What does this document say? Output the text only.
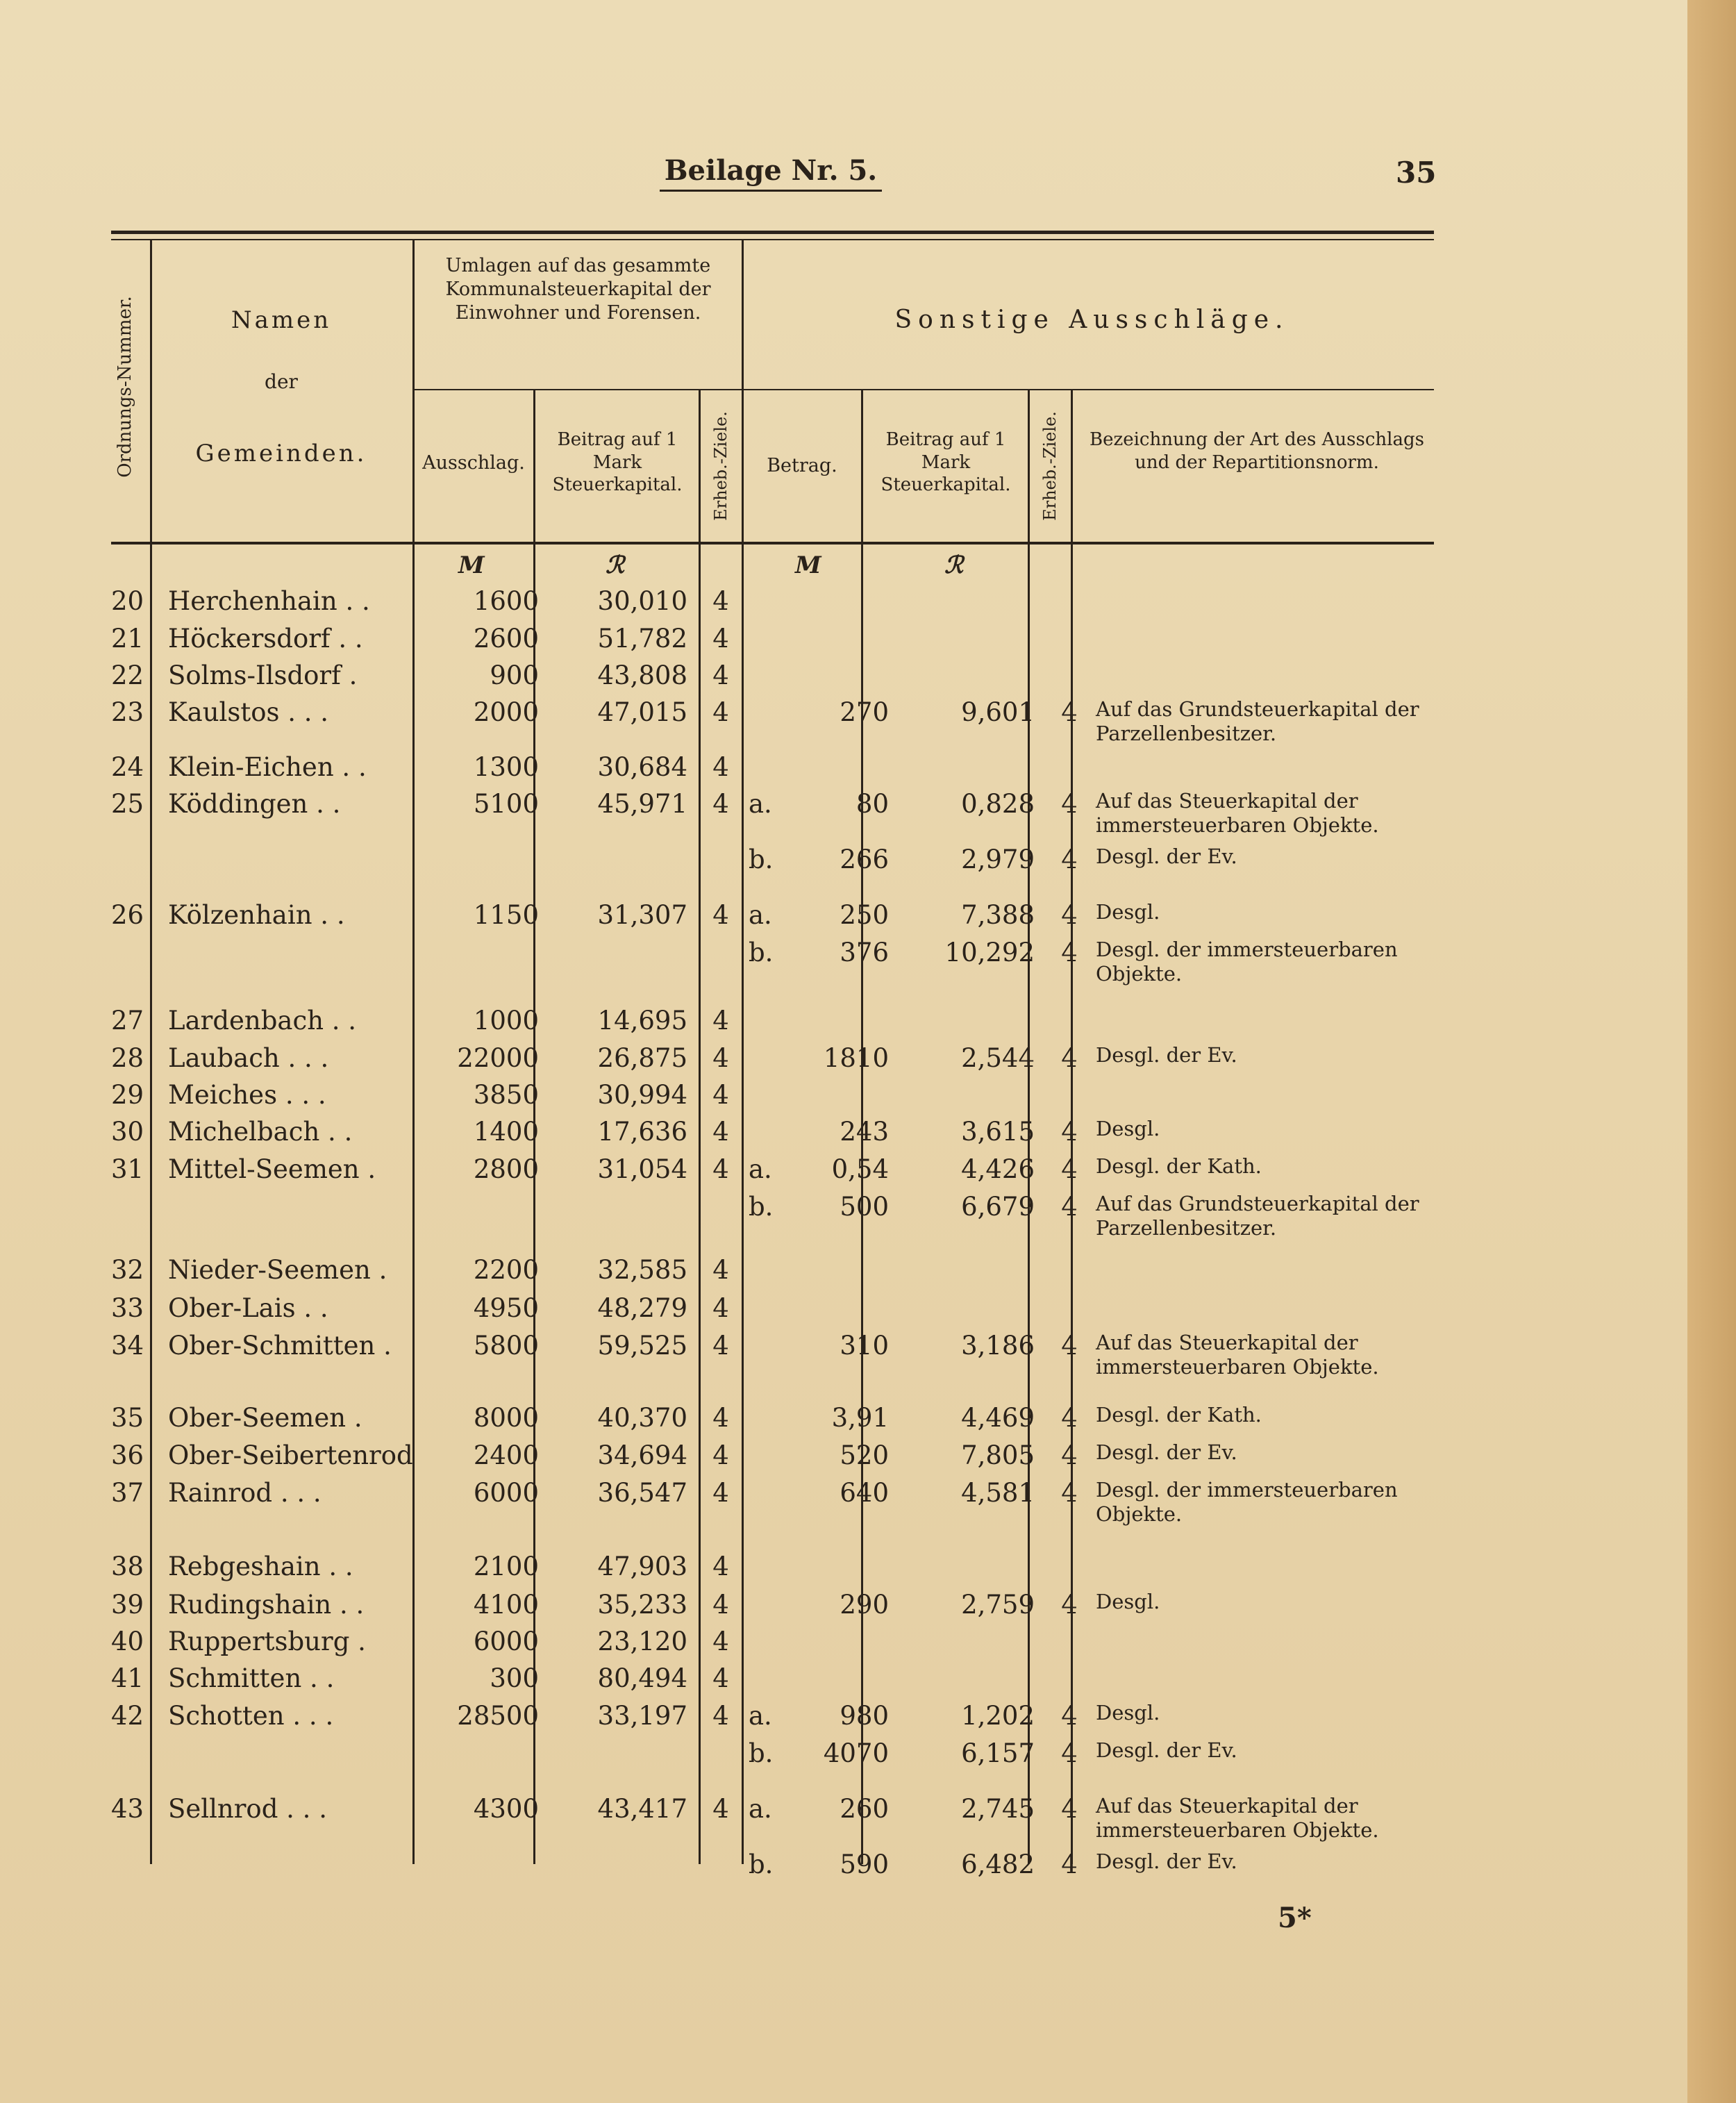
Beilage Nr. 5.	35
Ordnungs-Nummer.	Namen
der
Gemeinden.
Umlagen auf das gesammte Kommunalsteuerkapital der Einwohner und Forensen.
Ausschlag.
Beitrag auf 1 Mark Steuerkapital.	Erheb.-Ziele.
Sonstige Ausschläge.
Betrag.
Beitrag auf 1 Mark Steuerkapital.	Erheb.-Ziele.	Bezeichnung der Art des Ausschlags und der Repartitionsnorm.
M	ℛ	M	ℛ
20 Herchenhain . .	1600	30,010 4
21 Höckersdorf . .	2600	51,782 4
22 Solms-Ilsdorf .	900	43,808 4
23 Kaulstos . . .	2000	47,015 4	270	9,601 4 Auf das Grundsteuerkapital der Parzellenbesitzer.
24 Klein-Eichen . .	1300	30,684 4
25 Köddingen . .	5100	45,971 4 a.	80	0,828 4 Auf das Steuerkapital der immersteuerbaren Objekte.
b.	266	2,979 4 Desgl. der Ev.
26 Kölzenhain . .	1150	31,307 4 a.	250	7,388 4 Desgl.
b.	376	10,292 4 Desgl. der immersteuerbaren Objekte.
27 Lardenbach . .	1000	14,695 4
28 Laubach . . .	22000	26,875 4	1810	2,544 4 Desgl. der Ev.
29 Meiches . . .	3850	30,994 4
30 Michelbach . .	1400	17,636 4	243	3,615 4 Desgl.
31 Mittel-Seemen .	2800	31,054 4 a.	0,54	4,426 4 Desgl. der Kath.
b.	500	6,679 4 Auf das Grundsteuerkapital der Parzellenbesitzer.
32 Nieder-Seemen .	2200	32,585 4
33 Ober-Lais . .	4950	48,279 4
34 Ober-Schmitten .	5800	59,525 4	310	3,186 4 Auf das Steuerkapital der immersteuerbaren Objekte.
35 Ober-Seemen .	8000	40,370 4	3,91	4,469 4 Desgl. der Kath.
36 Ober-Seibertenrod	2400	34,694 4	520	7,805 4 Desgl. der Ev.
37 Rainrod . . .	6000	36,547 4	640	4,581 4 Desgl. der immersteuerbaren Objekte.
38 Rebgeshain . .	2100	47,903 4
39 Rudingshain . .	4100	35,233 4	290	2,759 4 Desgl.
40 Ruppertsburg .	6000	23,120 4
41 Schmitten . .	300	80,494 4
42 Schotten . . .	28500	33,197 4 a.	980	1,202 4 Desgl.
b.	4070	6,157 4 Desgl. der Ev.
43 Sellnrod . . .	4300	43,417 4 a.	260	2,745 4 Auf das Steuerkapital der immersteuerbaren Objekte.
b.	590	6,482 4 Desgl. der Ev.
5*
